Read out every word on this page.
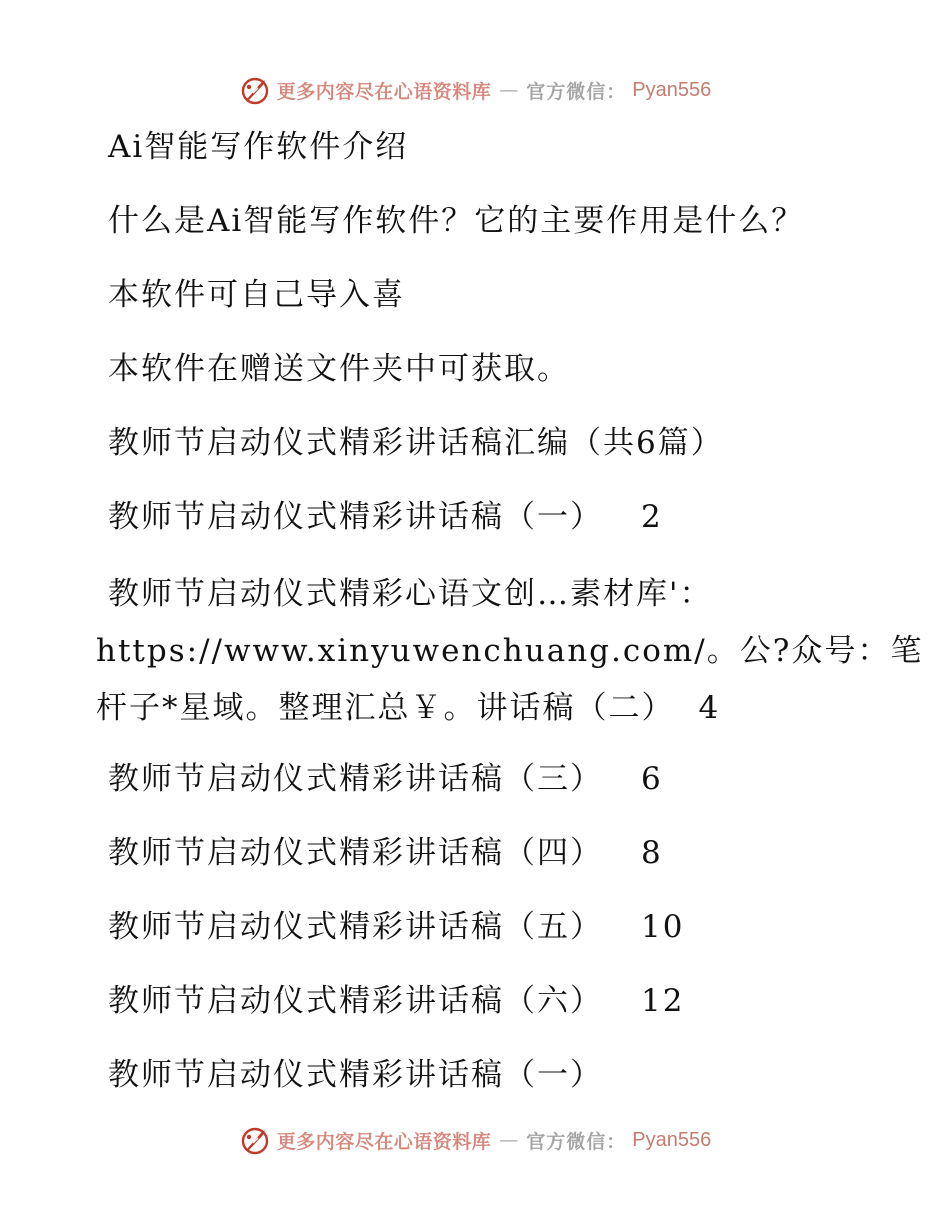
更多内容尽在心语资料库 — 官方微信： Pyan556
Ai智能写作软件介绍
什么是Ai智能写作软件？它的主要作用是什么？
本软件可自己导入喜
本软件在赠送文件夹中可获取。
教师节启动仪式精彩讲话稿汇编（共6篇）
教师节启动仪式精彩讲话稿（一） 2
教师节启动仪式精彩心语文创…素材库'：
https://www.xinyuwenchuang.com/。公?众号：笔
杆子*星域。整理汇总￥。讲话稿（二） 4
教师节启动仪式精彩讲话稿（三） 6
教师节启动仪式精彩讲话稿（四） 8
教师节启动仪式精彩讲话稿（五） 10
教师节启动仪式精彩讲话稿（六） 12
教师节启动仪式精彩讲话稿（一）
更多内容尽在心语资料库 — 官方微信： Pyan556
